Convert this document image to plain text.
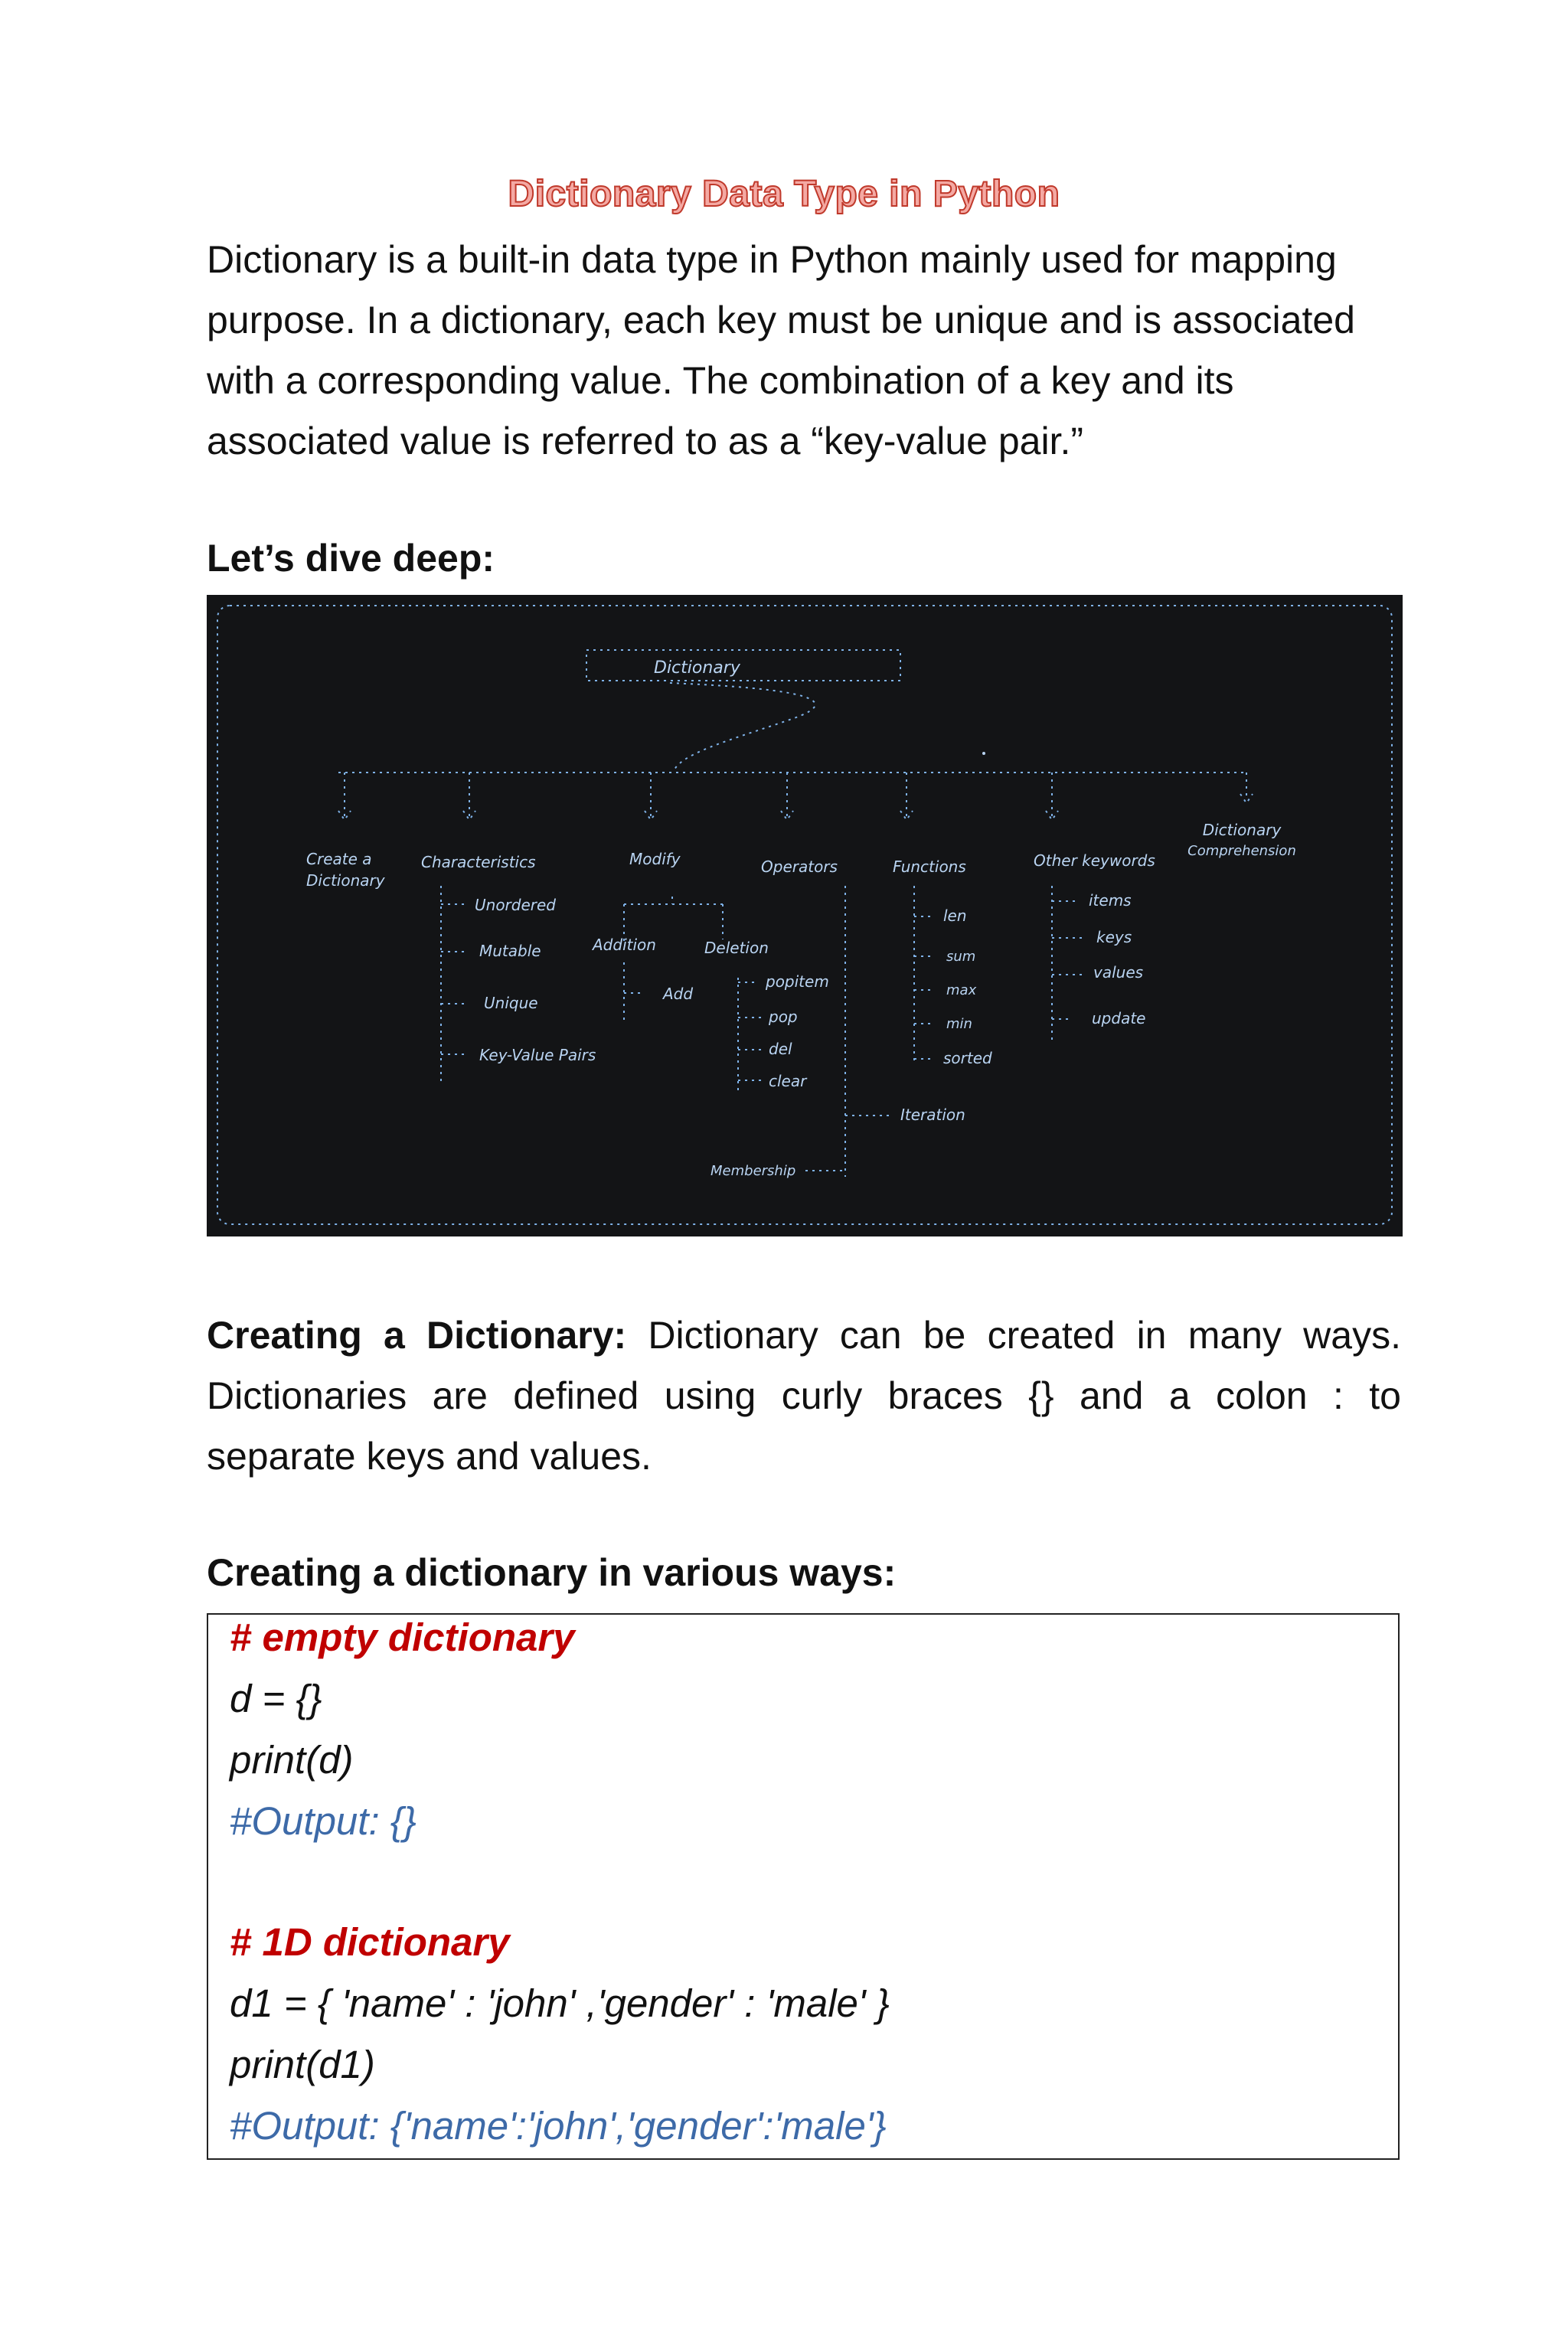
Dictionary Data Type in Python

Dictionary is a built-in data type in Python mainly used for mapping

purpose. In a dictionary, each key must be unique and is associated

with a corresponding value. The combination of a key and its

associated value is referred to as a “key-value pair.”

Let’s dive deep:
Dictionary
Create a
Dictionary
Characteristics	Modify	Operators	Functions	Other keywords
Dictionary
Comprehension
Unordered
Mutable
Unique
Key-Value Pairs
Addition
Add
Deletion
popitem
pop
del
clear
Iteration
Membership
len
sum
max
min
sorted
items
keys
values
update
Creating a Dictionary: Dictionary can be created in many ways.
Dictionaries are defined using curly braces {} and a colon : to
separate keys and values.
Creating a dictionary in various ways:
# empty dictionary
d = {}
print(d)
#Output: {}
# 1D dictionary
d1 = { 'name' : 'john' ,'gender' : 'male' }
print(d1)
#Output: {'name':'john','gender':'male'}
